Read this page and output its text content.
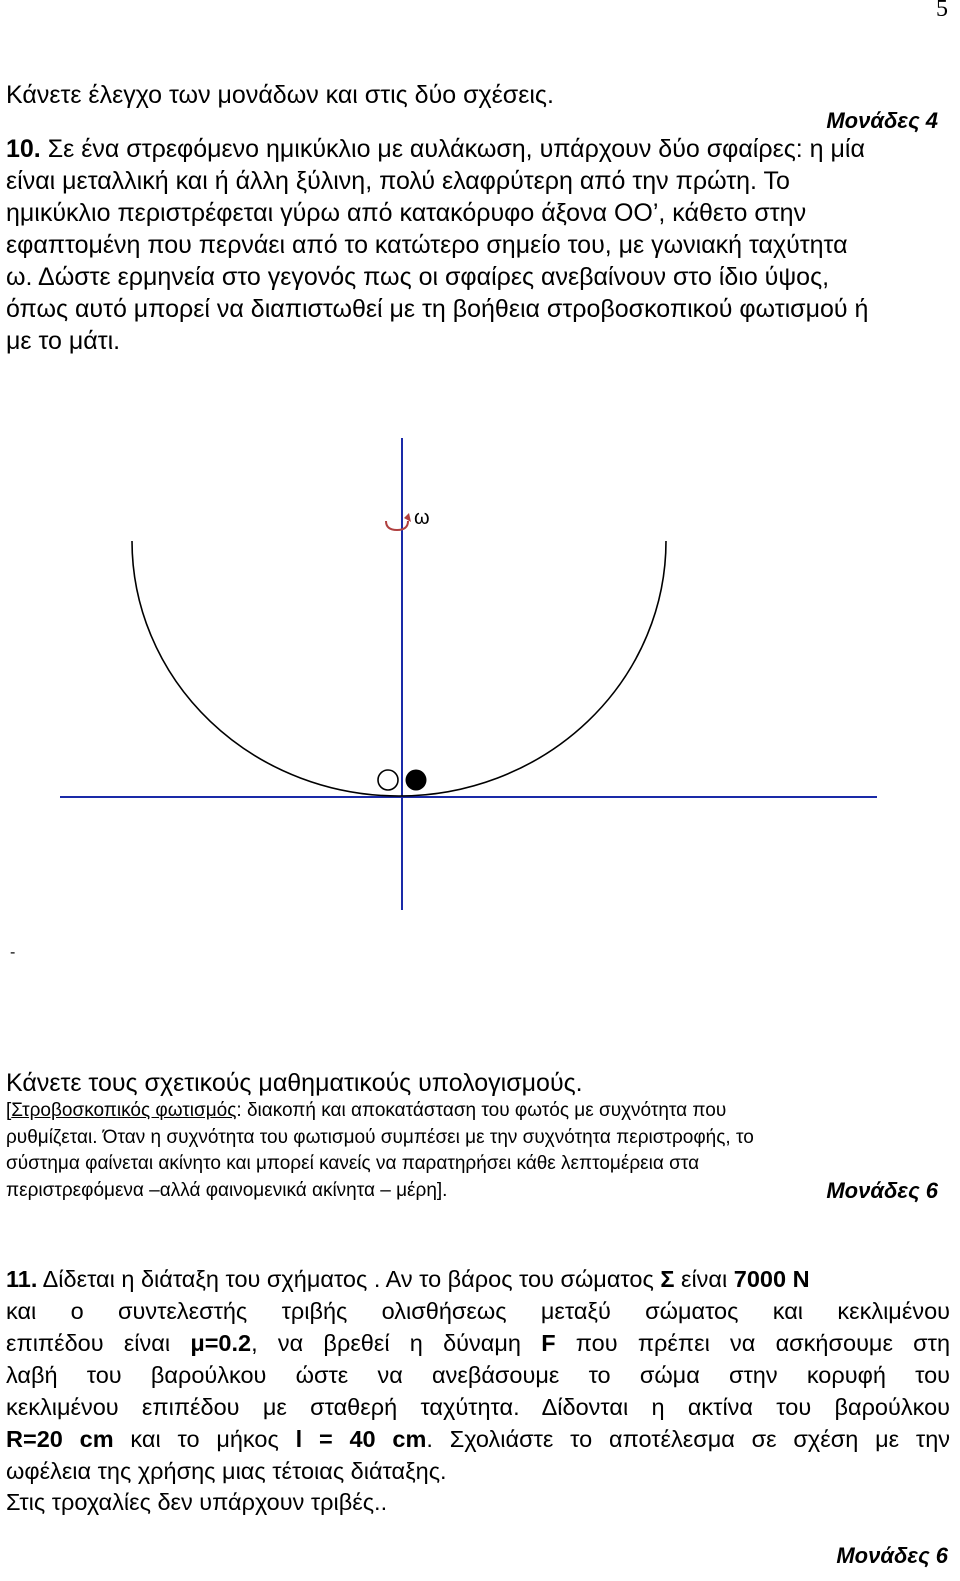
5
Κάνετε έλεγχο των μονάδων και στις δύο σχέσεις.
Μονάδες 4
10. Σε ένα στρεφόμενο ημικύκλιο με αυλάκωση, υπάρχουν δύο σφαίρες: η μία
είναι μεταλλική και ή άλλη ξύλινη, πολύ ελαφρύτερη από την πρώτη. Το
ημικύκλιο περιστρέφεται γύρω από κατακόρυφο άξονα ΟΟ’, κάθετο στην
εφαπτομένη που περνάει από το κατώτερο σημείο του, με γωνιακή ταχύτητα
ω. Δώστε ερμηνεία στο γεγονός πως οι σφαίρες ανεβαίνουν στο ίδιο ύψος,
όπως αυτό μπορεί να διαπιστωθεί με τη βοήθεια στροβοσκοπικού φωτισμού ή
με το μάτι.
ω
-
Κάνετε τους σχετικούς μαθηματικούς υπολογισμούς.
[Στροβοσκοπικός φωτισμός: διακοπή και αποκατάσταση του φωτός με συχνότητα που
ρυθμίζεται. Όταν η συχνότητα του φωτισμού συμπέσει με την συχνότητα περιστροφής, το
σύστημα φαίνεται ακίνητο και μπορεί κανείς να παρατηρήσει κάθε λεπτομέρεια στα
περιστρεφόμενα –αλλά φαινομενικά ακίνητα – μέρη].	Μονάδες 6
11. Δίδεται η διάταξη του σχήματος . Αν το βάρος του σώματος Σ είναι 7000 Ν
και ο συντελεστής τριβής ολισθήσεως μεταξύ σώματος και κεκλιμένου
επιπέδου είναι μ=0.2, να βρεθεί η δύναμη F που πρέπει να ασκήσουμε στη
λαβή του βαρούλκου ώστε να ανεβάσουμε το σώμα στην κορυφή του
κεκλιμένου επιπέδου με σταθερή ταχύτητα. Δίδονται η ακτίνα του βαρούλκου
R=20 cm και το μήκος l = 40 cm. Σχολιάστε το αποτέλεσμα σε σχέση με την
ωφέλεια της χρήσης μιας τέτοιας διάταξης.
Στις τροχαλίες δεν υπάρχουν τριβές..
Μονάδες 6
